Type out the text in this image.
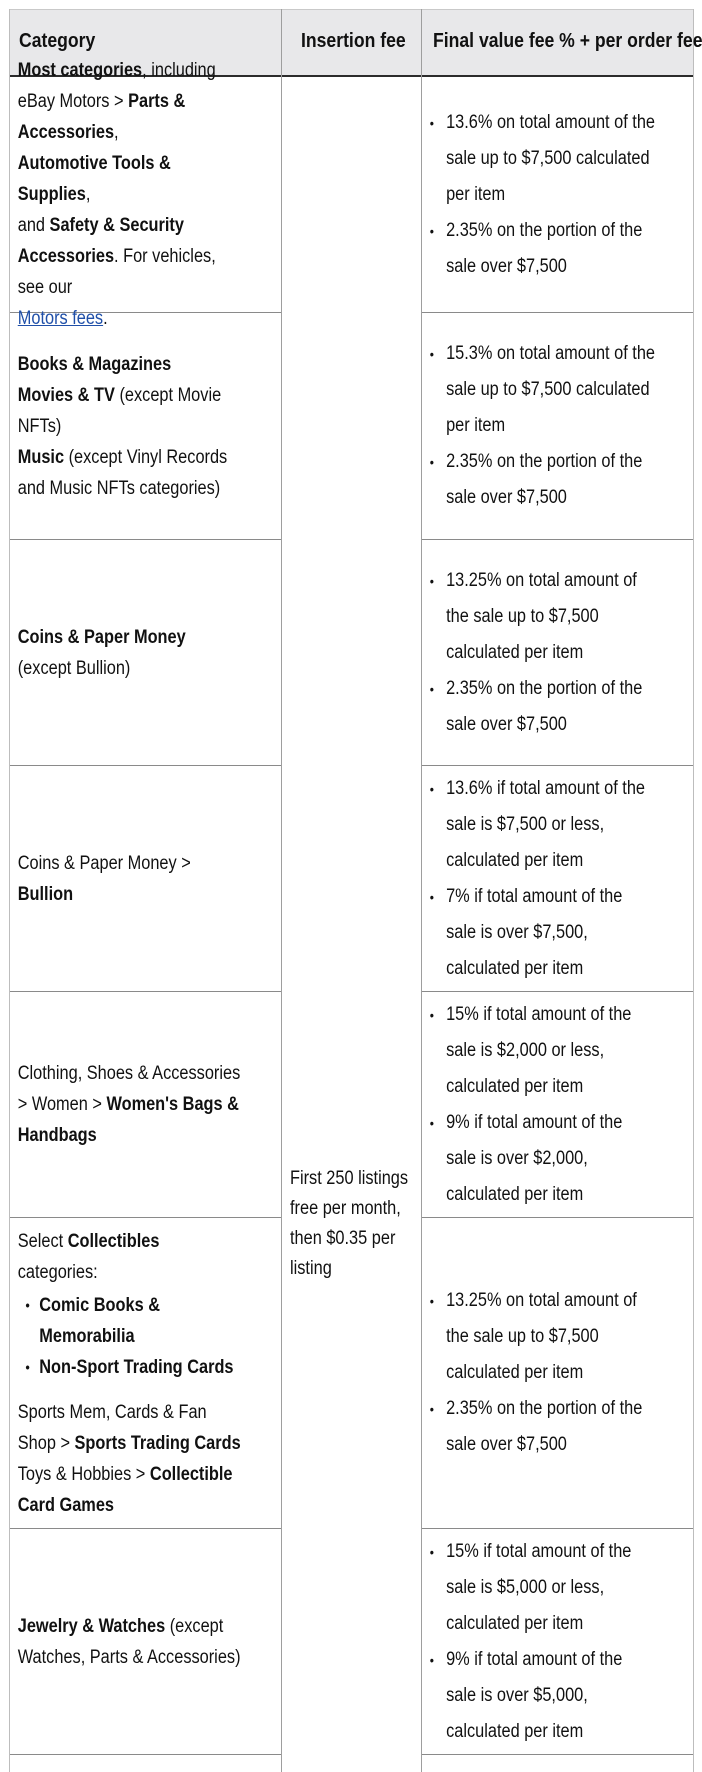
Category	Insertion fee Final value fee % + per order fee
Most categories, including eBay Motors > Parts & Accessories,
Automotive Tools & Supplies,
and Safety & Security
Accessories. For vehicles, see our
Motors fees.
• 13.6% on total amount of the sale up to $7,500 calculated per item
• 2.35% on the portion of the sale over $7,500
Books & Magazines
Movies & TV (except Movie NFTs)
Music (except Vinyl Records and Music NFTs categories)
• 15.3% on total amount of the sale up to $7,500 calculated per item
• 2.35% on the portion of the sale over $7,500
Coins & Paper Money (except Bullion)
• 13.25% on total amount of the sale up to $7,500 calculated per item
• 2.35% on the portion of the sale over $7,500
Coins & Paper Money > Bullion
• 13.6% if total amount of the sale is $7,500 or less, calculated per item
• 7% if total amount of the sale is over $7,500, calculated per item
Clothing, Shoes & Accessories > Women > Women's Bags & Handbags
• 15% if total amount of the sale is $2,000 or less, calculated per item
• 9% if total amount of the sale is over $2,000, calculated per item
Select Collectibles categories:
• Comic Books & Memorabilia
• Non-Sport Trading Cards
Sports Mem, Cards & Fan Shop > Sports Trading Cards
Toys & Hobbies > Collectible Card Games
• 13.25% on total amount of the sale up to $7,500 calculated per item
• 2.35% on the portion of the sale over $7,500
Jewelry & Watches (except Watches, Parts & Accessories)
• 15% if total amount of the sale is $5,000 or less, calculated per item
• 9% if total amount of the sale is over $5,000, calculated per item
First 250 listings free per month, then $0.35 per listing
